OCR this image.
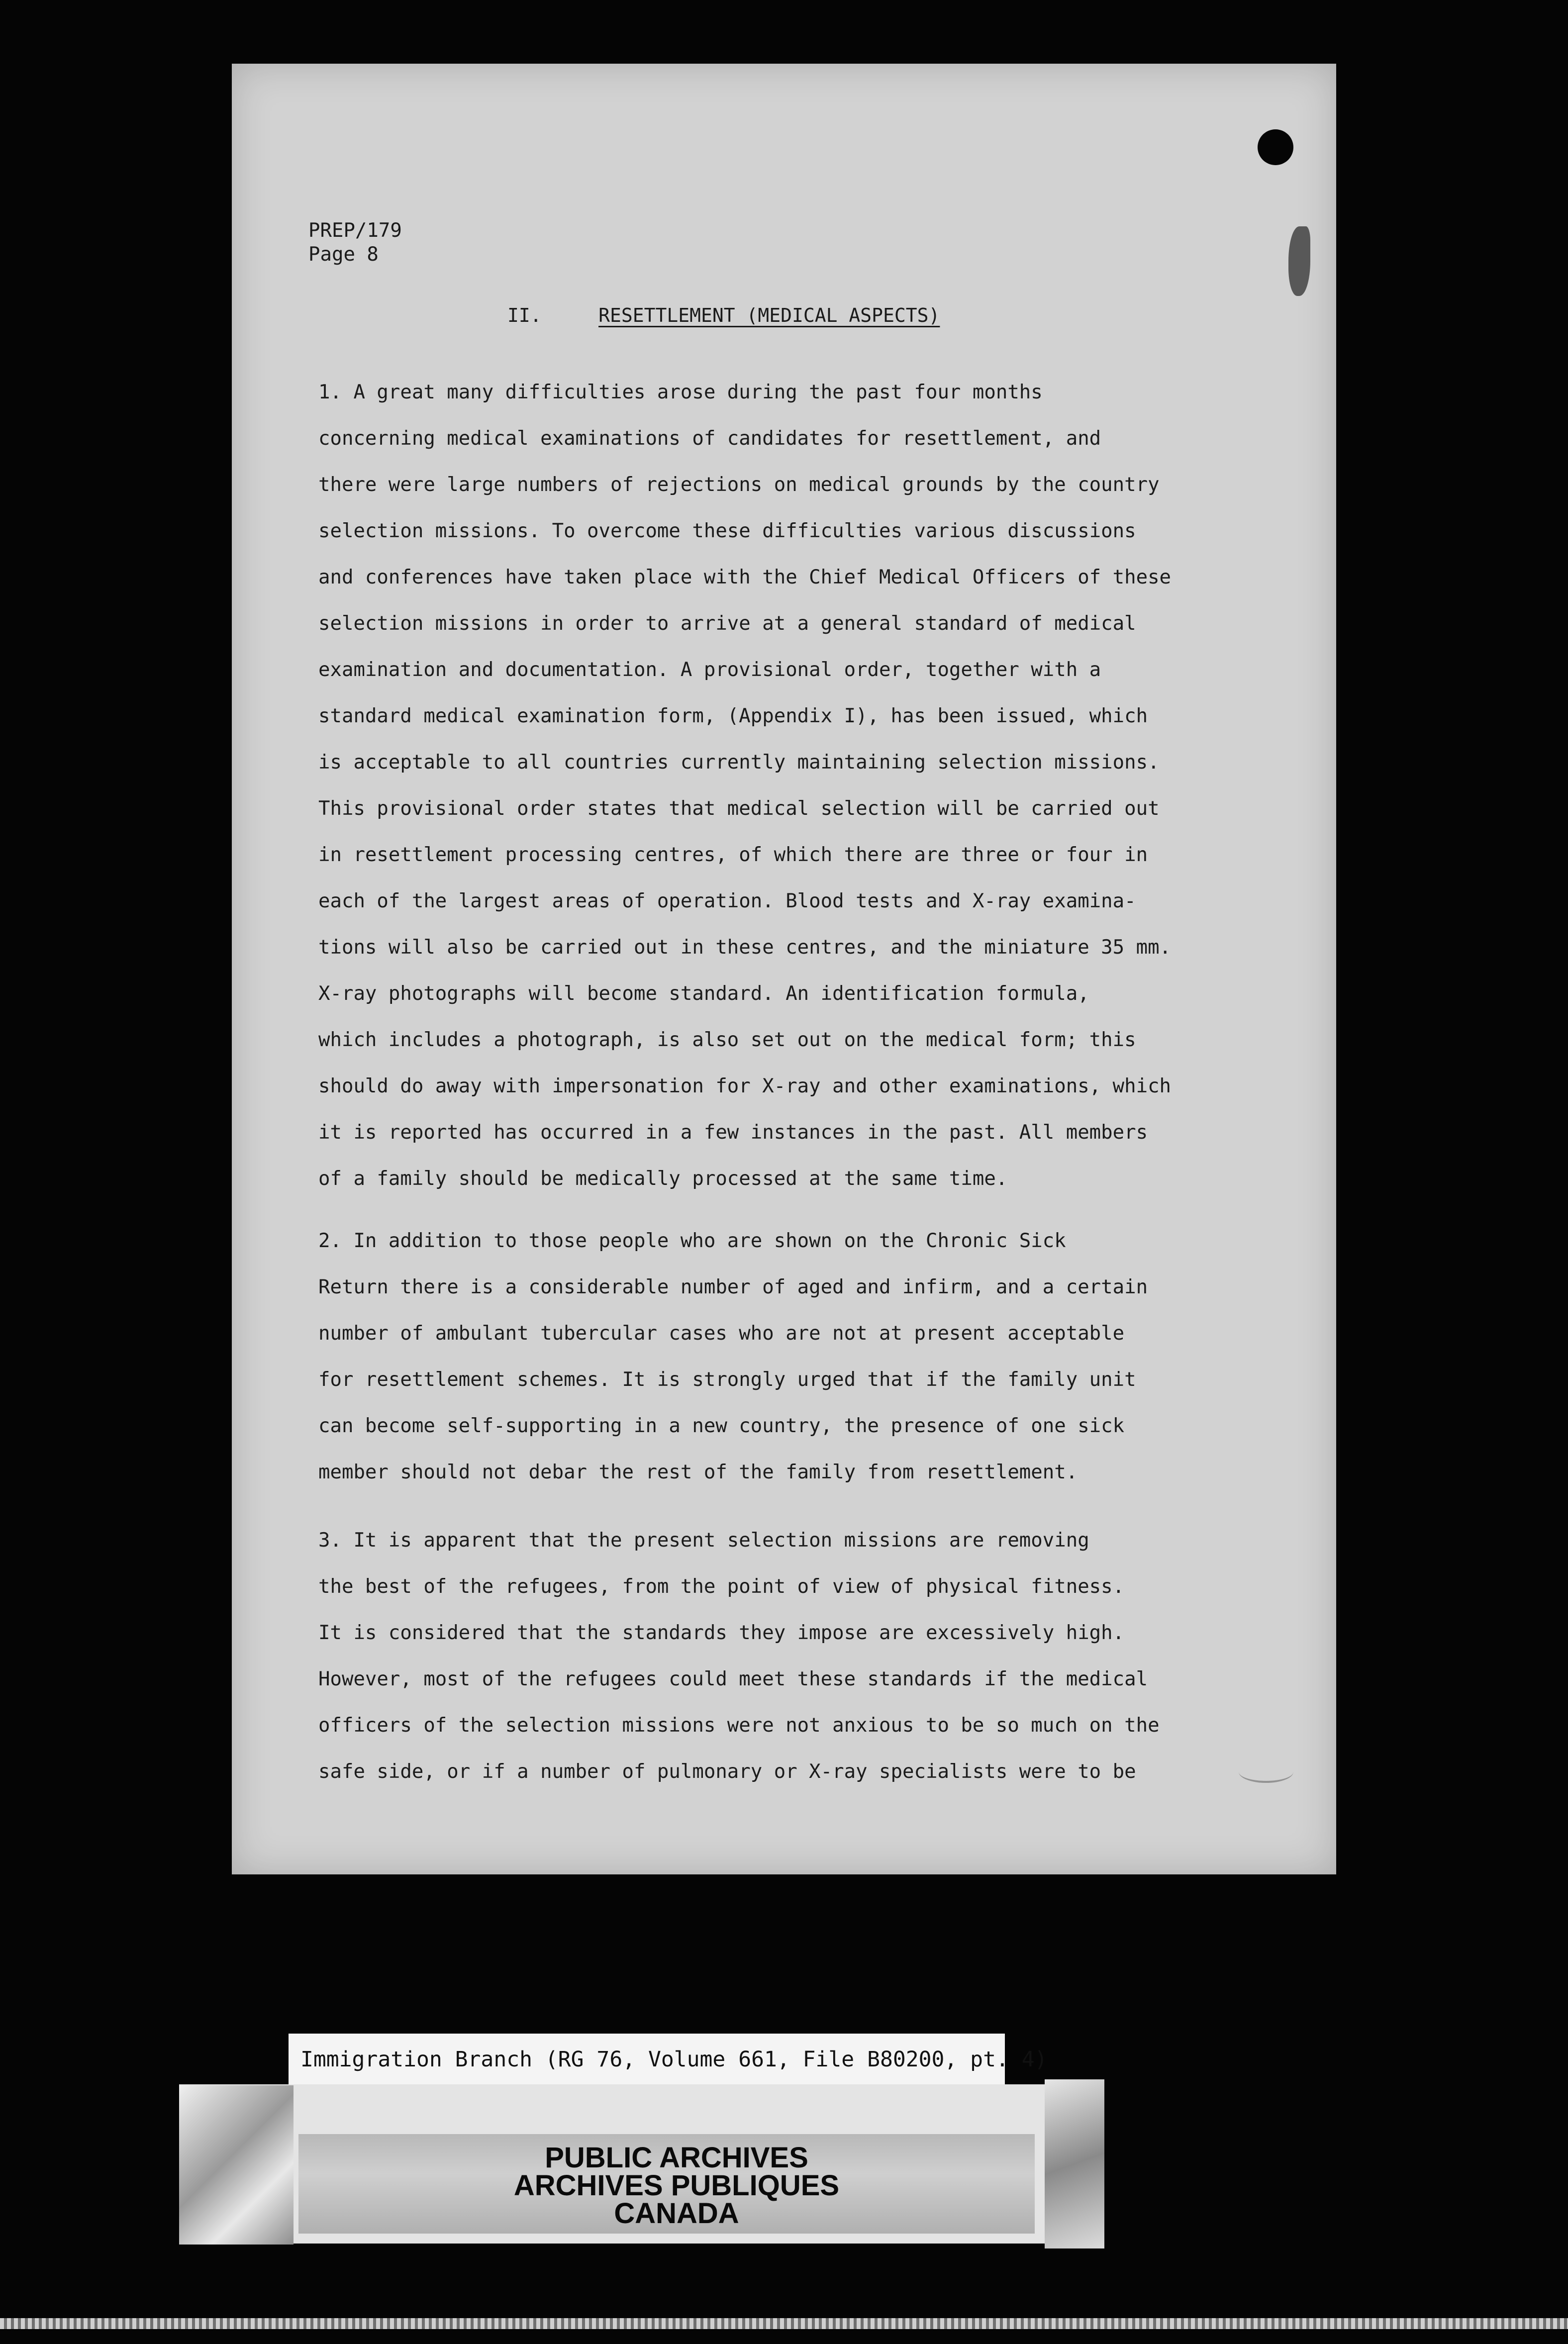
PREP/179
Page 8
II.	RESETTLEMENT (MEDICAL ASPECTS)
1. A great many difficulties arose during the past four months
concerning medical examinations of candidates for resettlement, and
there were large numbers of rejections on medical grounds by the country
selection missions. To overcome these difficulties various discussions
and conferences have taken place with the Chief Medical Officers of these
selection missions in order to arrive at a general standard of medical
examination and documentation. A provisional order, together with a
standard medical examination form, (Appendix I), has been issued, which
is acceptable to all countries currently maintaining selection missions.
This provisional order states that medical selection will be carried out
in resettlement processing centres, of which there are three or four in
each of the largest areas of operation. Blood tests and X-ray examina-
tions will also be carried out in these centres, and the miniature 35 mm.
X-ray photographs will become standard. An identification formula,
which includes a photograph, is also set out on the medical form; this
should do away with impersonation for X-ray and other examinations, which
it is reported has occurred in a few instances in the past. All members
of a family should be medically processed at the same time.
2. In addition to those people who are shown on the Chronic Sick
Return there is a considerable number of aged and infirm, and a certain
number of ambulant tubercular cases who are not at present acceptable
for resettlement schemes. It is strongly urged that if the family unit
can become self-supporting in a new country, the presence of one sick
member should not debar the rest of the family from resettlement.
3. It is apparent that the present selection missions are removing
the best of the refugees, from the point of view of physical fitness.
It is considered that the standards they impose are excessively high.
However, most of the refugees could meet these standards if the medical
officers of the selection missions were not anxious to be so much on the
safe side, or if a number of pulmonary or X-ray specialists were to be
Immigration Branch (RG 76, Volume 661, File B80200, pt. 4)
PUBLIC ARCHIVES
ARCHIVES PUBLIQUES
CANADA
